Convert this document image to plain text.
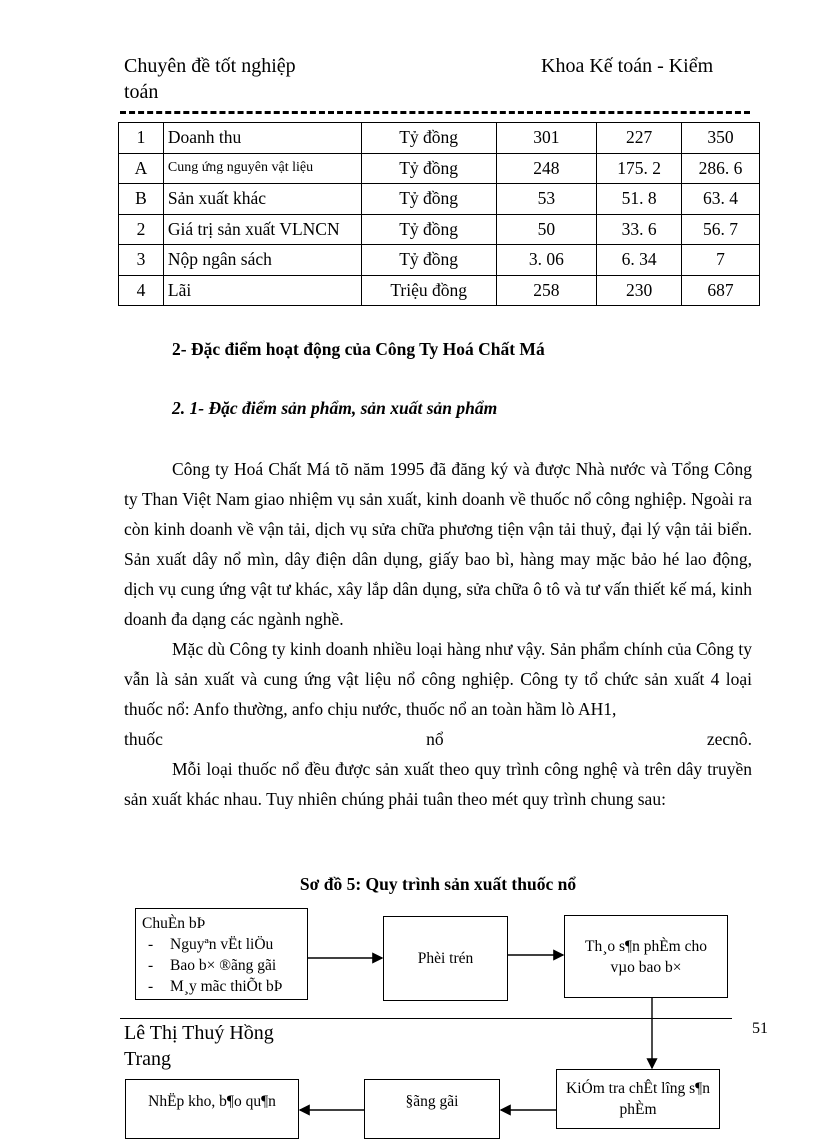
Chuyên đề tốt nghiệp
toán
Khoa Kế toán - Kiểm
1	Doanh thu	Tỷ đồng	301	227	350
A	Cung ứng nguyên vật liệu	Tỷ đồng	248	175. 2	286. 6
B	Sản xuất khác	Tỷ đồng	53	51. 8	63. 4
2	Giá trị sản xuất VLNCN	Tỷ đồng	50	33. 6	56. 7
3	Nộp ngân sách	Tỷ đồng	3. 06	6. 34	7
4	Lãi	Triệu đồng	258	230	687
2- Đặc điểm hoạt động của Công Ty Hoá Chất Má
2. 1- Đặc điểm sản phẩm, sản xuất sản phẩm

Công ty Hoá Chất Má tõ năm 1995 đã đăng ký và được Nhà nước và Tổng Công ty Than Việt Nam giao nhiệm vụ sản xuất, kinh doanh về thuốc nổ công nghiệp. Ngoài ra còn kinh doanh về vận tải, dịch vụ sửa chữa phương tiện vận tải thuỷ, đại lý vận tải biển. Sản xuất dây nổ mìn, dây điện dân dụng, giấy bao bì, hàng may mặc bảo hé lao động, dịch vụ cung ứng vật tư khác, xây lắp dân dụng, sửa chữa ô tô và tư vấn thiết kế má, kinh doanh đa dạng các ngành nghề.

Mặc dù Công ty kinh doanh nhiều loại hàng như vậy. Sản phẩm chính của Công ty vẫn là sản xuất và cung ứng vật liệu nổ công nghiệp. Công ty tổ chức sản xuất 4 loại thuốc nổ: Anfo thường, anfo chịu nước, thuốc nổ an toàn hầm lò AH1,

thuốc nổ zecnô.

Mỗi loại thuốc nổ đều được sản xuất theo quy trình công nghệ và trên dây truyền sản xuất khác nhau. Tuy nhiên chúng phải tuân theo mét quy trình chung sau:

Sơ đồ 5: Quy trình sản xuất thuốc nổ
ChuÈn bÞ
- Nguyªn vËt liÖu
- Bao b× ®ãng gãi
- M¸y mãc thiÕt bÞ
Phèi trén
Th¸o s¶n phÈm cho vµo bao b×
KiÓm tra chÊt lîng s¶n phÈm
§ãng gãi
NhËp kho, b¶o qu¶n
Lê Thị Thuý Hồng
Trang
51
